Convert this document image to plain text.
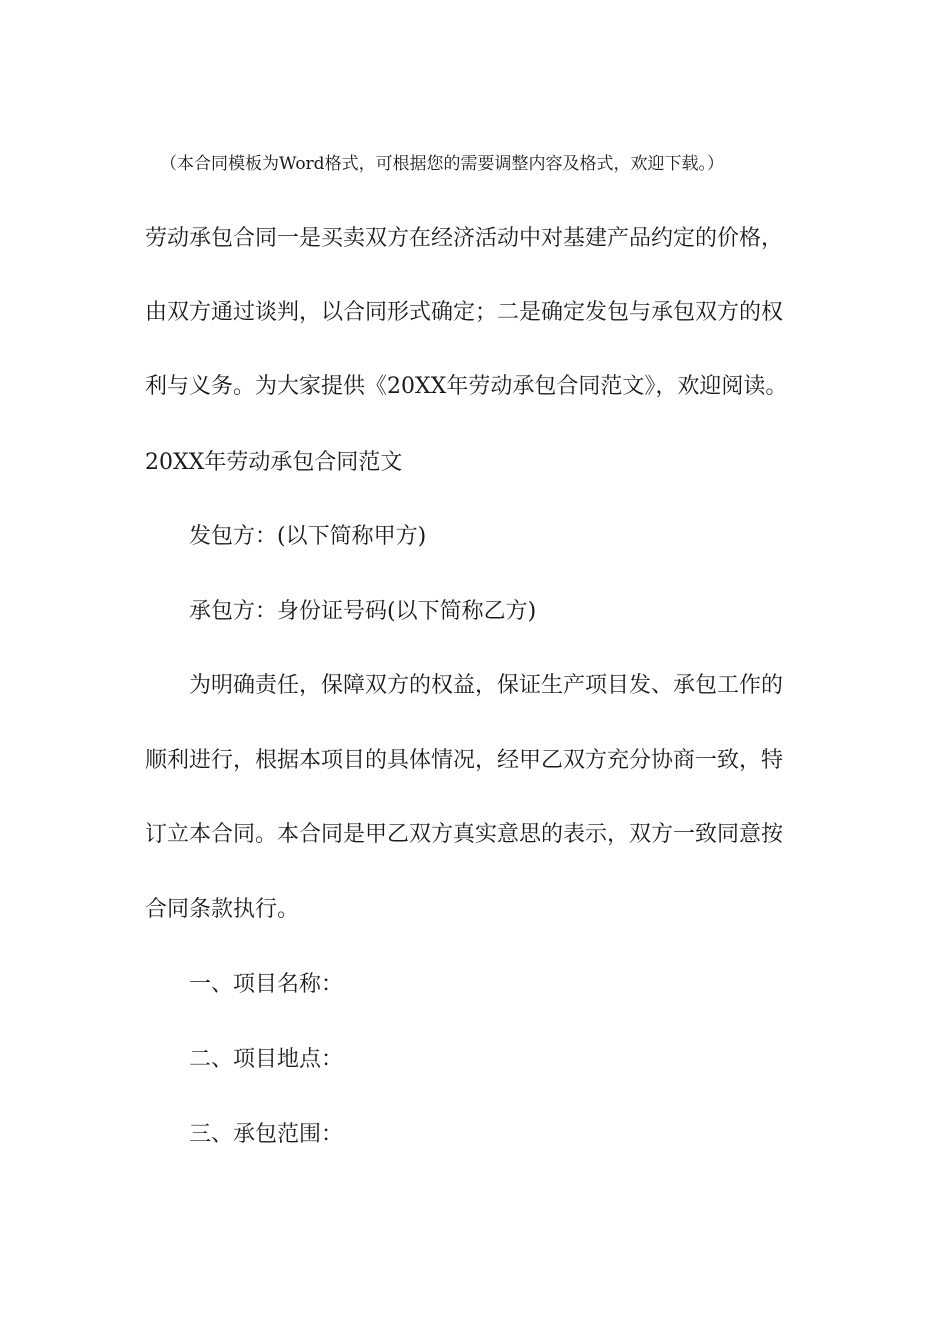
（本合同模板为Word格式，可根据您的需要调整内容及格式，欢迎下载。）
劳动承包合同一是买卖双方在经济活动中对基建产品约定的价格，
由双方通过谈判，以合同形式确定；二是确定发包与承包双方的权
利与义务。为大家提供《20XX年劳动承包合同范文》，欢迎阅读。
20XX年劳动承包合同范文
发包方：(以下简称甲方)
承包方：身份证号码(以下简称乙方)
为明确责任，保障双方的权益，保证生产项目发、承包工作的
顺利进行，根据本项目的具体情况，经甲乙双方充分协商一致，特
订立本合同。本合同是甲乙双方真实意思的表示，双方一致同意按
合同条款执行。
一、项目名称：
二、项目地点：
三、承包范围：
